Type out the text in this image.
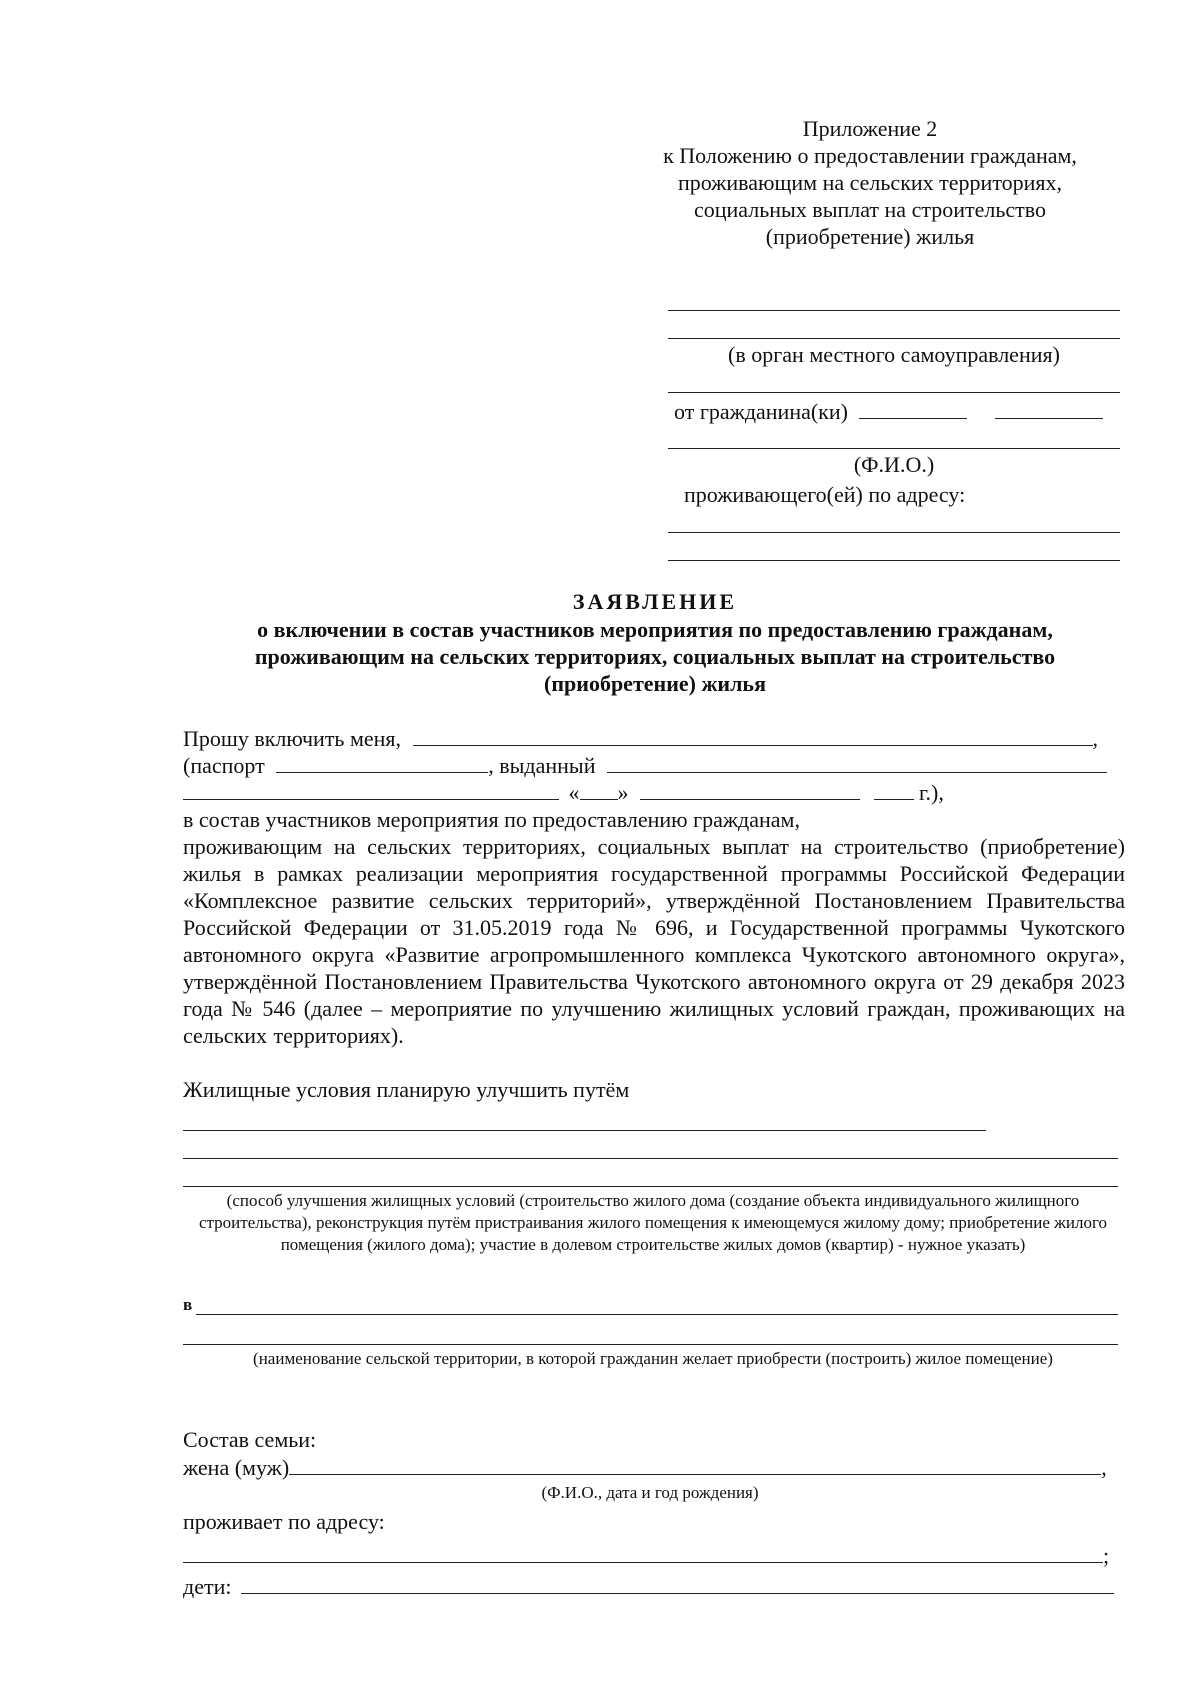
Приложение 2
к Положению о предоставлении гражданам,
проживающим на сельских территориях,
социальных выплат на строительство
(приобретение) жилья
(в орган местного самоуправления)
от гражданина(ки)
(Ф.И.О.)
проживающего(ей) по адресу:
ЗАЯВЛЕНИЕ
о включении в состав участников мероприятия по предоставлению гражданам,
проживающим на сельских территориях, социальных выплат на строительство
(приобретение) жилья
Прошу включить меня,	,
(паспорт	, выданный
« »	г.),
в состав участников мероприятия по предоставлению гражданам,
проживающим на сельских территориях, социальных выплат на строительство (приобретение) жилья в рамках реализации мероприятия государственной программы Российской Федерации «Комплексное развитие сельских территорий», утверждённой Постановлением Правительства Российской Федерации от 31.05.2019 года № 696, и Государственной программы Чукотского автономного округа «Развитие агропромышленного комплекса Чукотского автономного округа», утверждённой Постановлением Правительства Чукотского автономного округа от 29 декабря 2023 года № 546 (далее – мероприятие по улучшению жилищных условий граждан, проживающих на сельских территориях).
Жилищные условия планирую улучшить путём
(способ улучшения жилищных условий (строительство жилого дома (создание объекта индивидуального жилищного строительства), реконструкция путём пристраивания жилого помещения к имеющемуся жилому дому; приобретение жилого помещения (жилого дома); участие в долевом строительстве жилых домов (квартир) - нужное указать)
в
(наименование сельской территории, в которой гражданин желает приобрести (построить) жилое помещение)
Состав семьи:
жена (муж)	,
(Ф.И.О., дата и год рождения)
проживает по адресу:
;
дети:
